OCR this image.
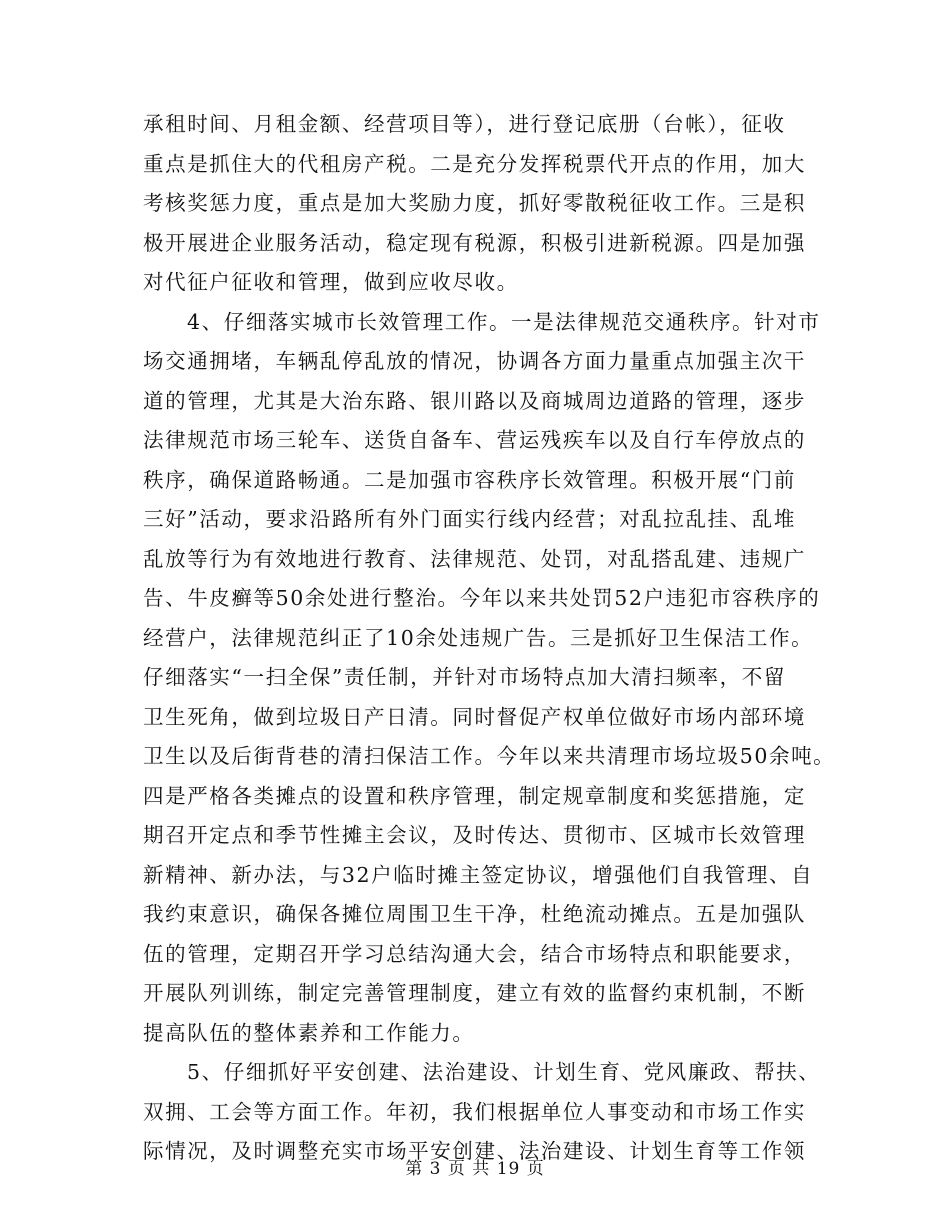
承租时间、月租金额、经营项目等），进行登记底册（台帐），征收
重点是抓住大的代租房产税。二是充分发挥税票代开点的作用，加大
考核奖惩力度，重点是加大奖励力度，抓好零散税征收工作。三是积
极开展进企业服务活动，稳定现有税源，积极引进新税源。四是加强
对代征户征收和管理，做到应收尽收。
4、仔细落实城市长效管理工作。一是法律规范交通秩序。针对市
场交通拥堵，车辆乱停乱放的情况，协调各方面力量重点加强主次干
道的管理，尤其是大治东路、银川路以及商城周边道路的管理，逐步
法律规范市场三轮车、送货自备车、营运残疾车以及自行车停放点的
秩序，确保道路畅通。二是加强市容秩序长效管理。积极开展“门前
三好”活动，要求沿路所有外门面实行线内经营；对乱拉乱挂、乱堆
乱放等行为有效地进行教育、法律规范、处罚，对乱搭乱建、违规广
告、牛皮癣等50余处进行整治。今年以来共处罚52户违犯市容秩序的
经营户，法律规范纠正了10余处违规广告。三是抓好卫生保洁工作。
仔细落实“一扫全保”责任制，并针对市场特点加大清扫频率，不留
卫生死角，做到垃圾日产日清。同时督促产权单位做好市场内部环境
卫生以及后街背巷的清扫保洁工作。今年以来共清理市场垃圾50余吨。
四是严格各类摊点的设置和秩序管理，制定规章制度和奖惩措施，定
期召开定点和季节性摊主会议，及时传达、贯彻市、区城市长效管理
新精神、新办法，与32户临时摊主签定协议，增强他们自我管理、自
我约束意识，确保各摊位周围卫生干净，杜绝流动摊点。五是加强队
伍的管理，定期召开学习总结沟通大会，结合市场特点和职能要求，
开展队列训练，制定完善管理制度，建立有效的监督约束机制，不断
提高队伍的整体素养和工作能力。
5、仔细抓好平安创建、法治建设、计划生育、党风廉政、帮扶、
双拥、工会等方面工作。年初，我们根据单位人事变动和市场工作实
际情况，及时调整充实市场平安创建、法治建设、计划生育等工作领
第 3 页 共 19 页
